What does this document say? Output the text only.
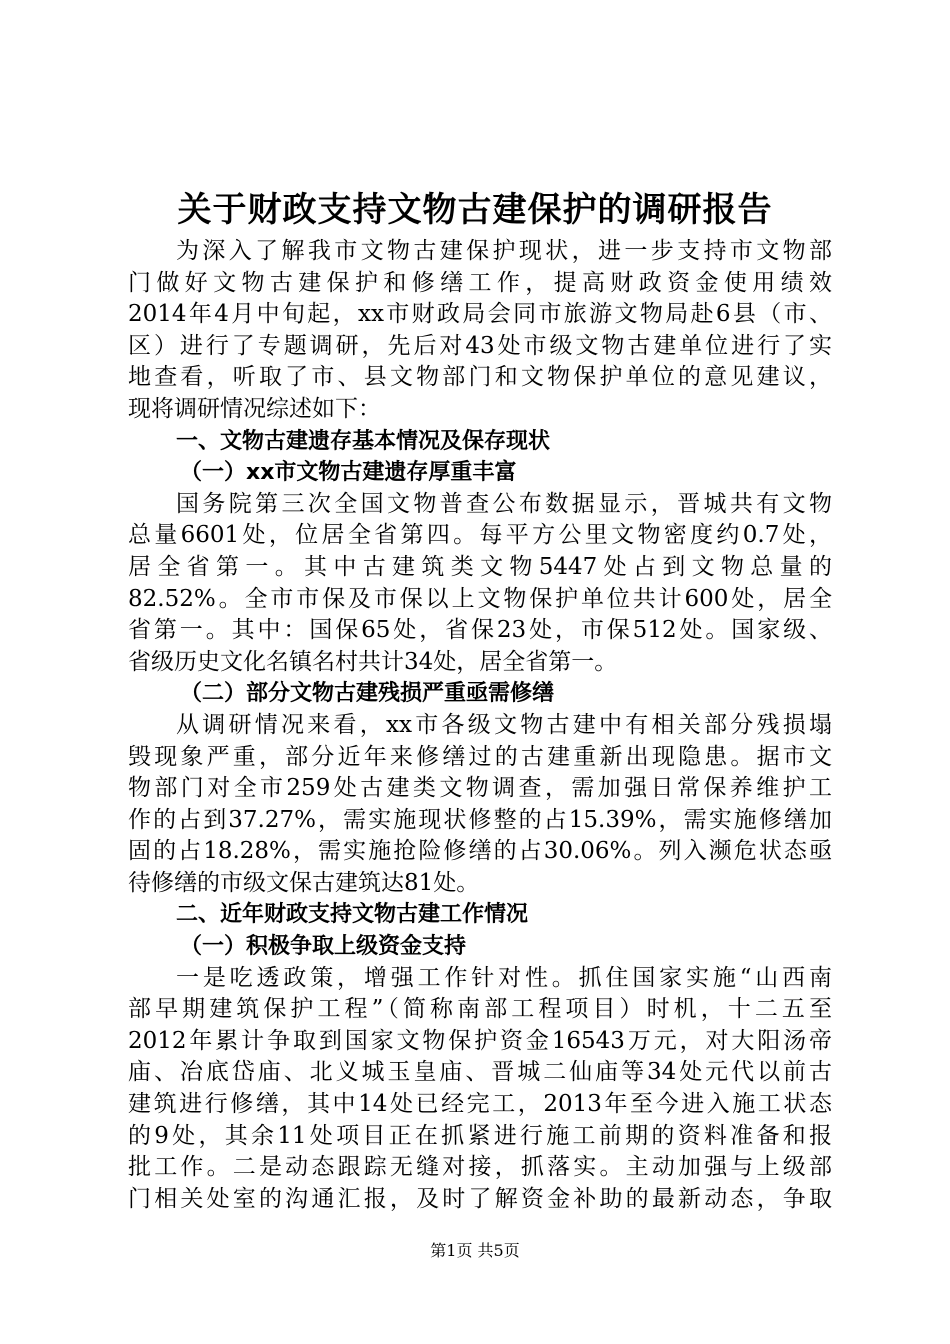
关于财政支持文物古建保护的调研报告
为深入了解我市文物古建保护现状，进一步支持市文物部
门做好文物古建保护和修缮工作，提高财政资金使用绩效
2014年4月中旬起，xx市财政局会同市旅游文物局赴6县（市、
区）进行了专题调研，先后对43处市级文物古建单位进行了实
地查看，听取了市、县文物部门和文物保护单位的意见建议，
现将调研情况综述如下：
一、文物古建遗存基本情况及保存现状
（一）xx市文物古建遗存厚重丰富
国务院第三次全国文物普查公布数据显示，晋城共有文物
总量6601处，位居全省第四。每平方公里文物密度约0.7处，
居全省第一。其中古建筑类文物5447处占到文物总量的
82.52%。全市市保及市保以上文物保护单位共计600处，居全
省第一。其中：国保65处，省保23处，市保512处。国家级、
省级历史文化名镇名村共计34处，居全省第一。
（二）部分文物古建残损严重亟需修缮
从调研情况来看，xx市各级文物古建中有相关部分残损塌
毁现象严重，部分近年来修缮过的古建重新出现隐患。据市文
物部门对全市259处古建类文物调查，需加强日常保养维护工
作的占到37.27%，需实施现状修整的占15.39%，需实施修缮加
固的占18.28%，需实施抢险修缮的占30.06%。列入濒危状态亟
待修缮的市级文保古建筑达81处。
二、近年财政支持文物古建工作情况
（一）积极争取上级资金支持
一是吃透政策，增强工作针对性。抓住国家实施“山西南
部早期建筑保护工程”（简称南部工程项目）时机，十二五至
2012年累计争取到国家文物保护资金16543万元，对大阳汤帝
庙、冶底岱庙、北义城玉皇庙、晋城二仙庙等34处元代以前古
建筑进行修缮，其中14处已经完工，2013年至今进入施工状态
的9处，其余11处项目正在抓紧进行施工前期的资料准备和报
批工作。二是动态跟踪无缝对接，抓落实。主动加强与上级部
门相关处室的沟通汇报，及时了解资金补助的最新动态，争取
第1页 共5页
